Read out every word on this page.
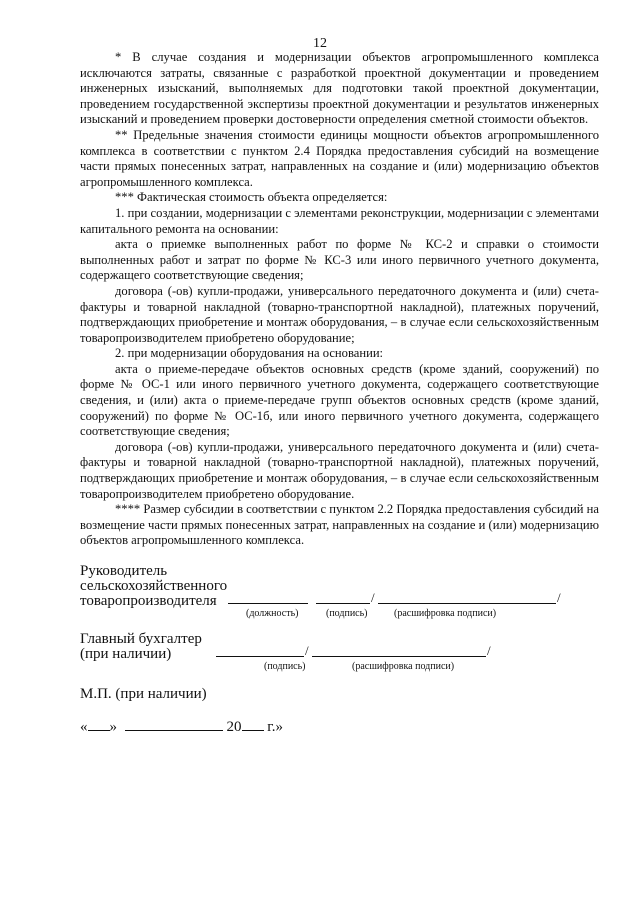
12

* В случае создания и модернизации объектов агропромышленного комплекса исключаются затраты, связанные с разработкой проектной документации и проведением инженерных изысканий, выполняемых для подготовки такой проектной документации, проведением государственной экспертизы проектной документации и результатов инженерных изысканий и проведением проверки достоверности определения сметной стоимости объектов.

** Предельные значения стоимости единицы мощности объектов агропромышленного комплекса в соответствии с пунктом 2.4 Порядка предоставления субсидий на возмещение части прямых понесенных затрат, направленных на создание и (или) модернизацию объектов агропромышленного комплекса.

*** Фактическая стоимость объекта определяется:

1. при создании, модернизации с элементами реконструкции, модернизации с элементами капитального ремонта на основании:

акта о приемке выполненных работ по форме № КС-2 и справки о стоимости выполненных работ и затрат по форме № КС-3 или иного первичного учетного документа, содержащего соответствующие сведения;

договора (-ов) купли-продажи, универсального передаточного документа и (или) счета-фактуры и товарной накладной (товарно-транспортной накладной), платежных поручений, подтверждающих приобретение и монтаж оборудования, – в случае если сельскохозяйственным товаропроизводителем приобретено оборудование;

2. при модернизации оборудования на основании:

акта о приеме-передаче объектов основных средств (кроме зданий, сооружений) по форме № ОС-1 или иного первичного учетного документа, содержащего соответствующие сведения, и (или) акта о приеме-передаче групп объектов основных средств (кроме зданий, сооружений) по форме № ОС-1б, или иного первичного учетного документа, содержащего соответствующие сведения;

договора (-ов) купли-продажи, универсального передаточного документа и (или) счета-фактуры и товарной накладной (товарно-транспортной накладной), платежных поручений, подтверждающих приобретение и монтаж оборудования, – в случае если сельскохозяйственным товаропроизводителем приобретено оборудование.

**** Размер субсидии в соответствии с пунктом 2.2 Порядка предоставления субсидий на возмещение части прямых понесенных затрат, направленных на создание и (или) модернизацию объектов агропромышленного комплекса.

Руководитель
сельскохозяйственного
товаропроизводителя	/	/
(должность)	(подпись)	(расшифровка подписи)
Главный бухгалтер
(при наличии)	/	/
(подпись)	(расшифровка подписи)
М.П. (при наличии)
« »	20 г.»
